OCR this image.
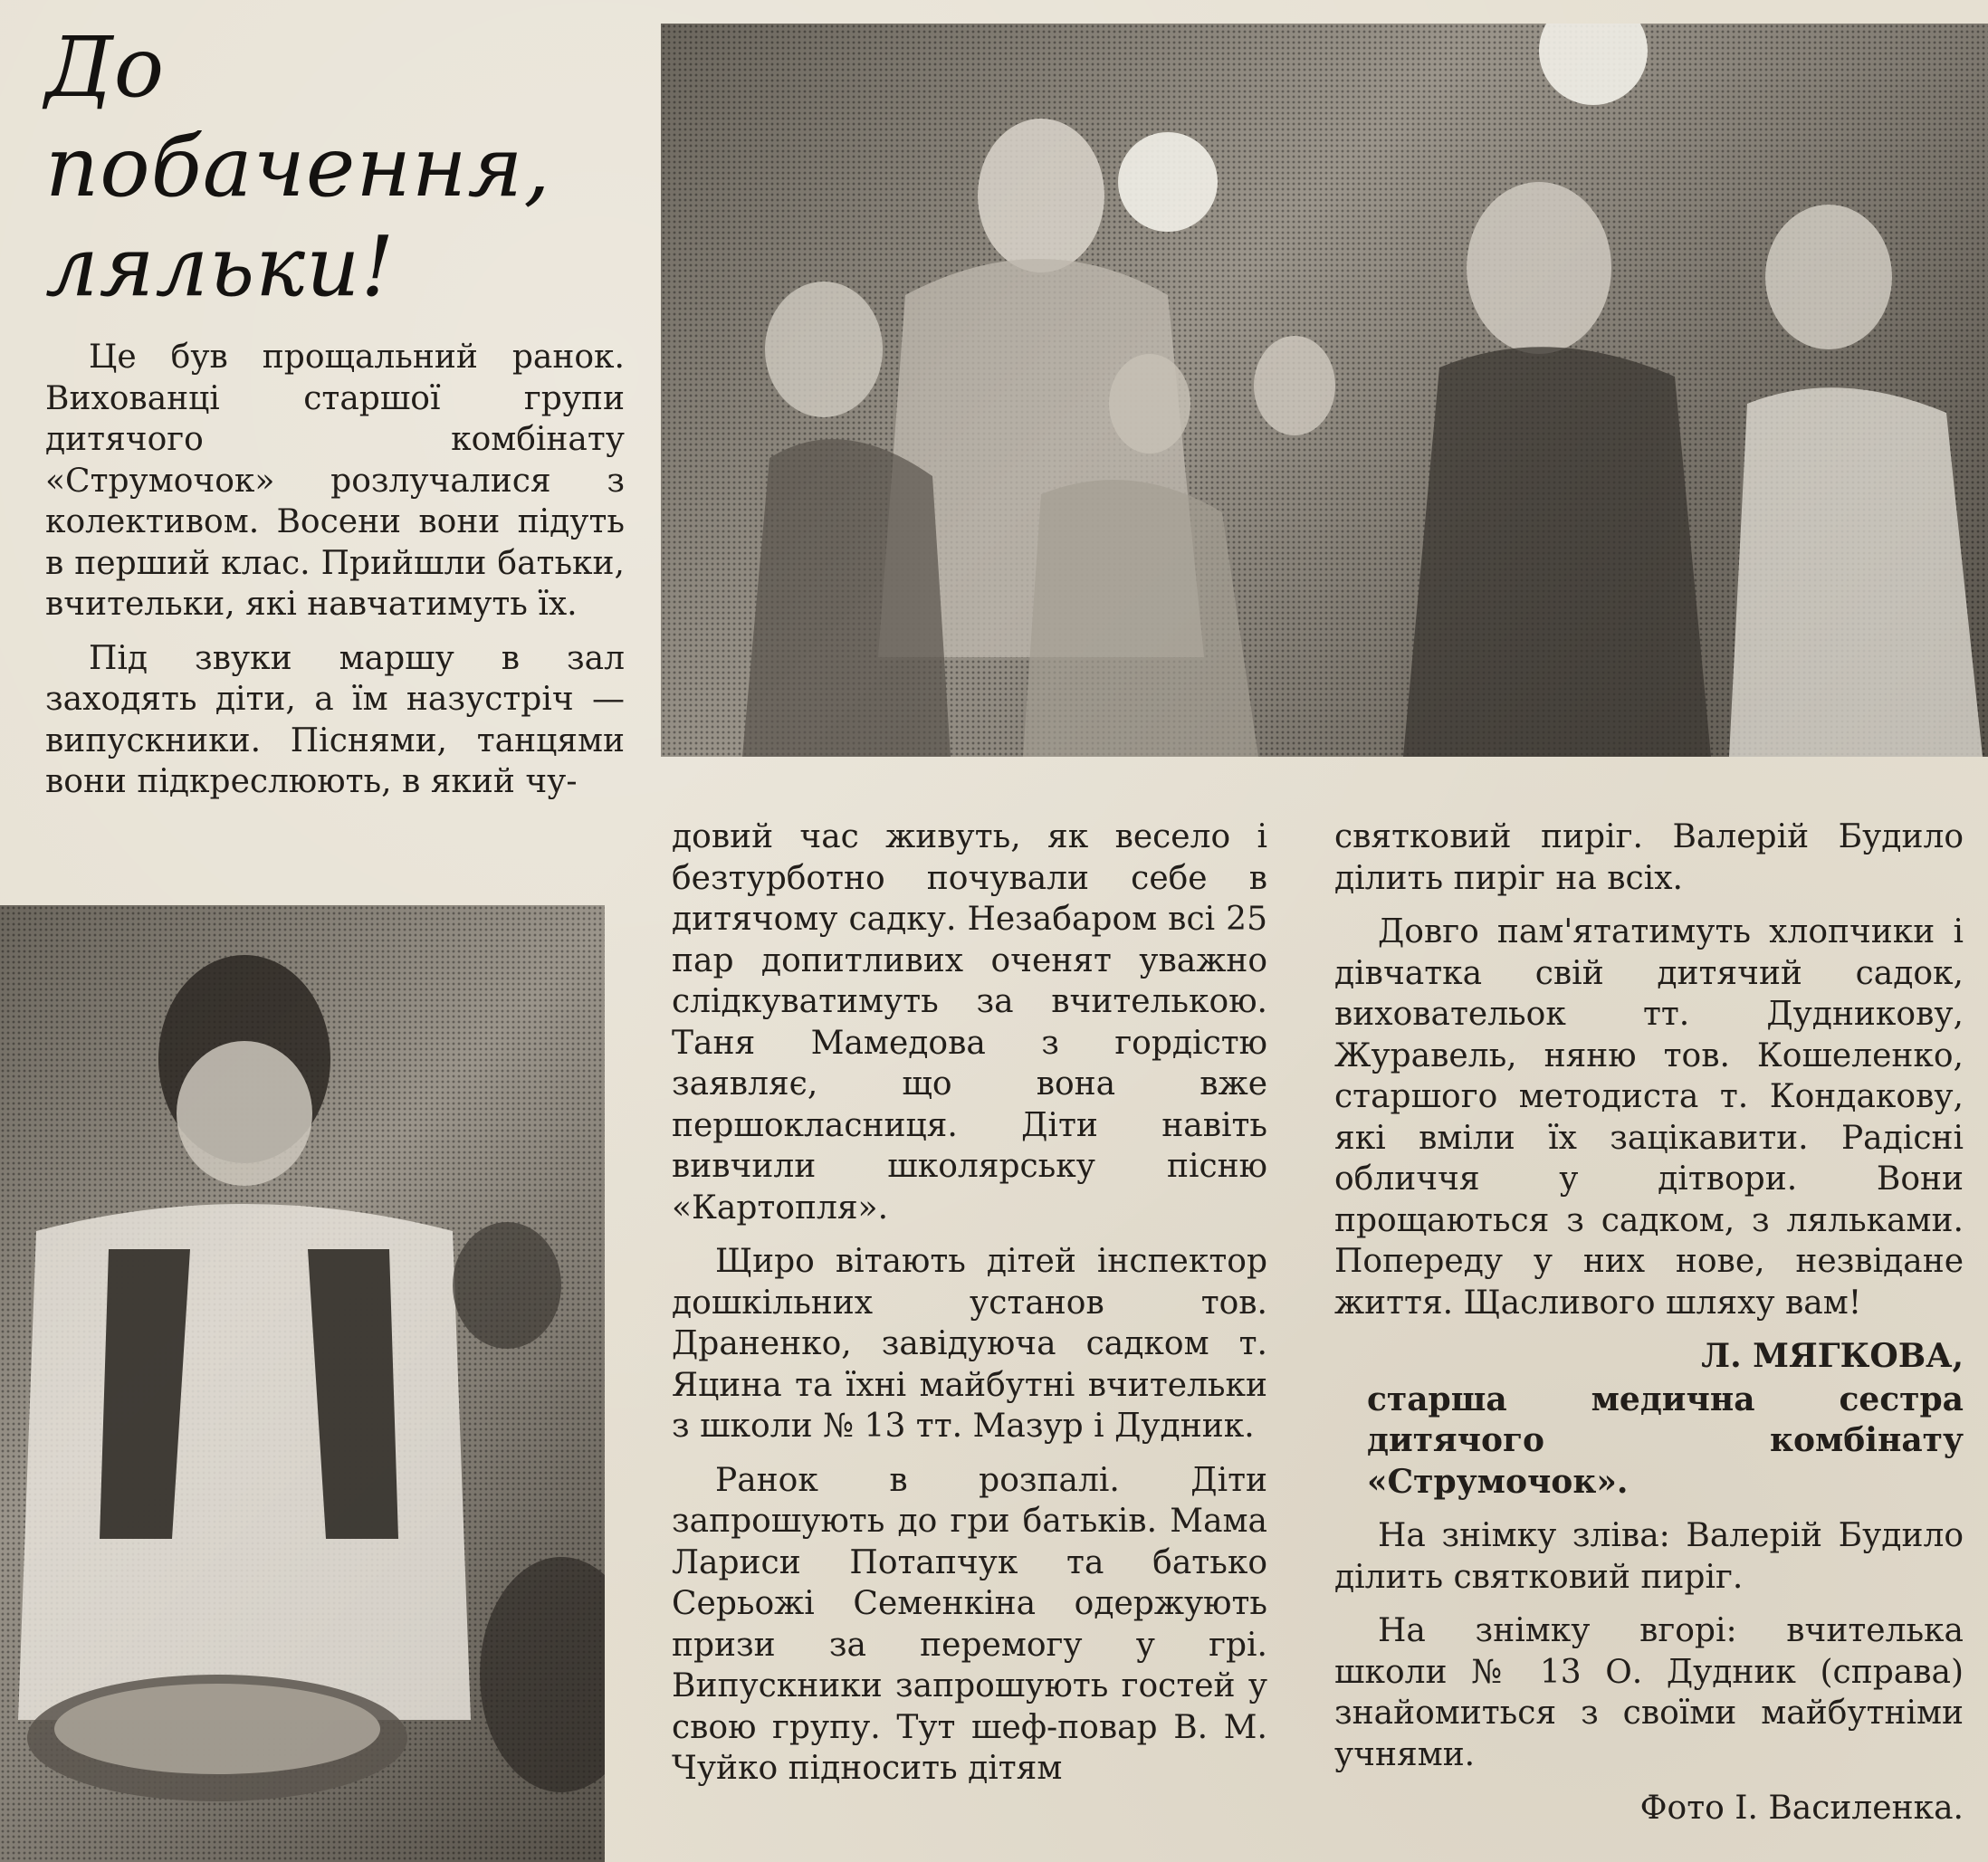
До
побачення,
ляльки!

Це був прощальний ранок. Вихованці старшої групи дитячого комбінату «Струмочок» розлучалися з колективом. Восени вони підуть в перший клас. Прийшли батьки, вчительки, які навчатимуть їх.

Під звуки маршу в зал заходять діти, а їм назустріч — випускники. Піснями, танцями вони підкреслюють, в який чу-

довий час живуть, як весело і безтурботно почували себе в дитячому садку. Незабаром всі 25 пар допитливих оченят уважно слідкуватимуть за вчителькою. Таня Мамедова з гордістю заявляє, що вона вже першокласниця. Діти навіть вивчили школярську пісню «Картопля».

Щиро вітають дітей інспектор дошкільних установ тов. Драненко, завідуюча садком т. Яцина та їхні майбутні вчительки з школи № 13 тт. Мазур і Дудник.

Ранок в розпалі. Діти запрошують до гри батьків. Мама Лариси Потапчук та батько Серьожі Семенкіна одержують призи за перемогу у грі. Випускники запрошують гостей у свою групу. Тут шеф-повар В. М. Чуйко підносить дітям

святковий пиріг. Валерій Будило ділить пиріг на всіх.

Довго пам'ятатимуть хлопчики і дівчатка свій дитячий садок, виховательок тт. Дудникову, Журавель, няню тов. Кошеленко, старшого методиста т. Кондакову, які вміли їх зацікавити. Радісні обличчя у дітвори. Вони прощаються з садком, з ляльками. Попереду у них нове, незвідане життя. Щасливого шляху вам!

Л. МЯГКОВА,

старша медична сестра дитячого комбінату «Струмочок».

На знімку зліва: Валерій Будило ділить святковий пиріг.

На знімку вгорі: вчителька школи № 13 О. Дудник (справа) знайомиться з своїми майбутніми учнями.

Фото І. Василенка.
